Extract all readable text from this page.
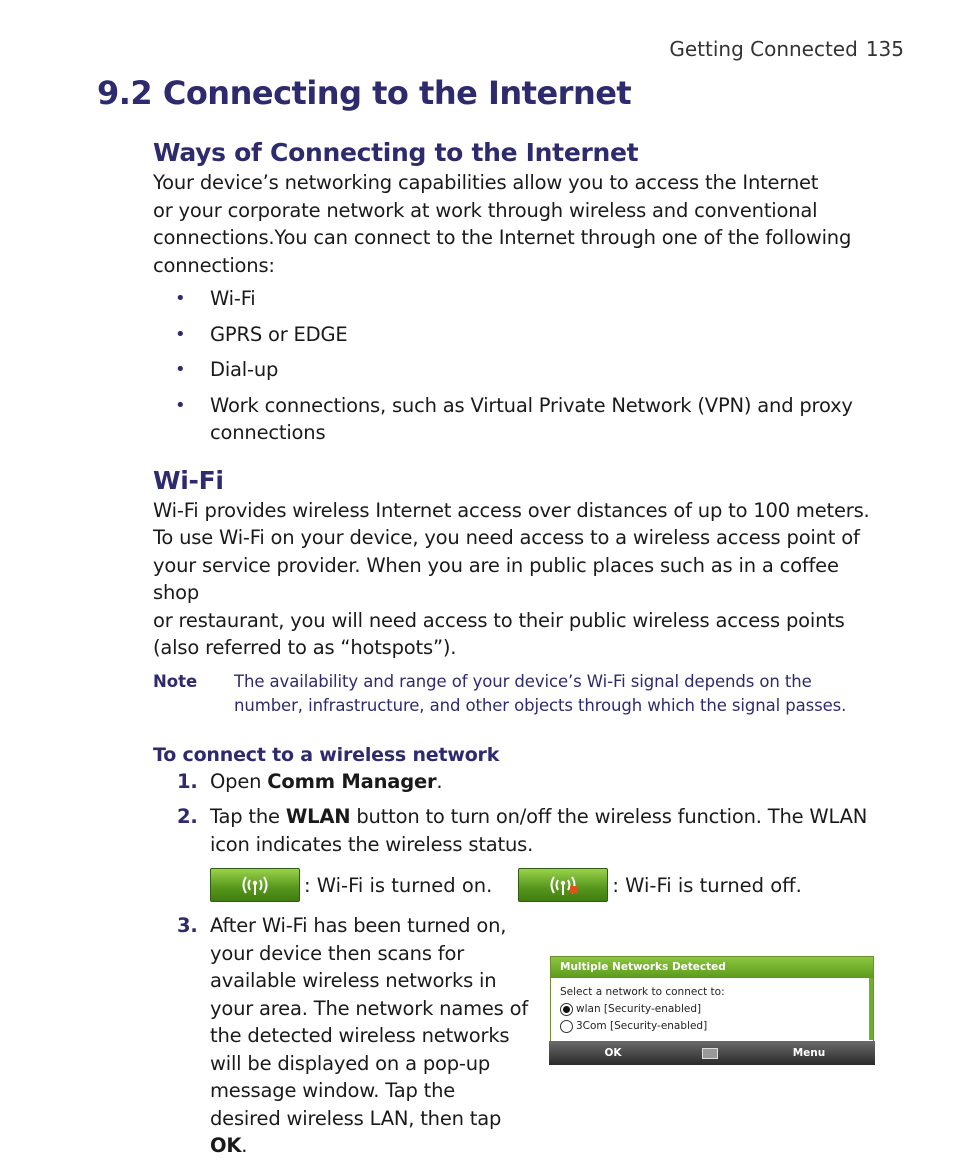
Getting Connected 135
9.2 Connecting to the Internet
Ways of Connecting to the Internet

Your device’s networking capabilities allow you to access the Internet
or your corporate network at work through wireless and conventional
connections.You can connect to the Internet through one of the following
connections:

• Wi-Fi
• GPRS or EDGE
• Dial-up
• Work connections, such as Virtual Private Network (VPN) and proxy connections
Wi-Fi

Wi-Fi provides wireless Internet access over distances of up to 100 meters.
To use Wi-Fi on your device, you need access to a wireless access point of
your service provider. When you are in public places such as in a coffee shop
or restaurant, you will need access to their public wireless access points
(also referred to as “hotspots”).

Note	The availability and range of your device’s Wi-Fi signal depends on the
number, infrastructure, and other objects through which the signal passes.
To connect to a wireless network
1. Open Comm Manager.
2. Tap the WLAN button to turn on/off the wireless function. The WLAN icon indicates the wireless status.
: Wi-Fi is turned on.	: Wi-Fi is turned off.
3. After Wi-Fi has been turned on, your device then scans for available wireless networks in your area. The network names of the detected wireless networks will be displayed on a pop-up message window. Tap the desired wireless LAN, then tap OK.
Multiple Networks Detected
Select a network to connect to:
wlan [Security-enabled]
3Com [Security-enabled]
OK	Menu
